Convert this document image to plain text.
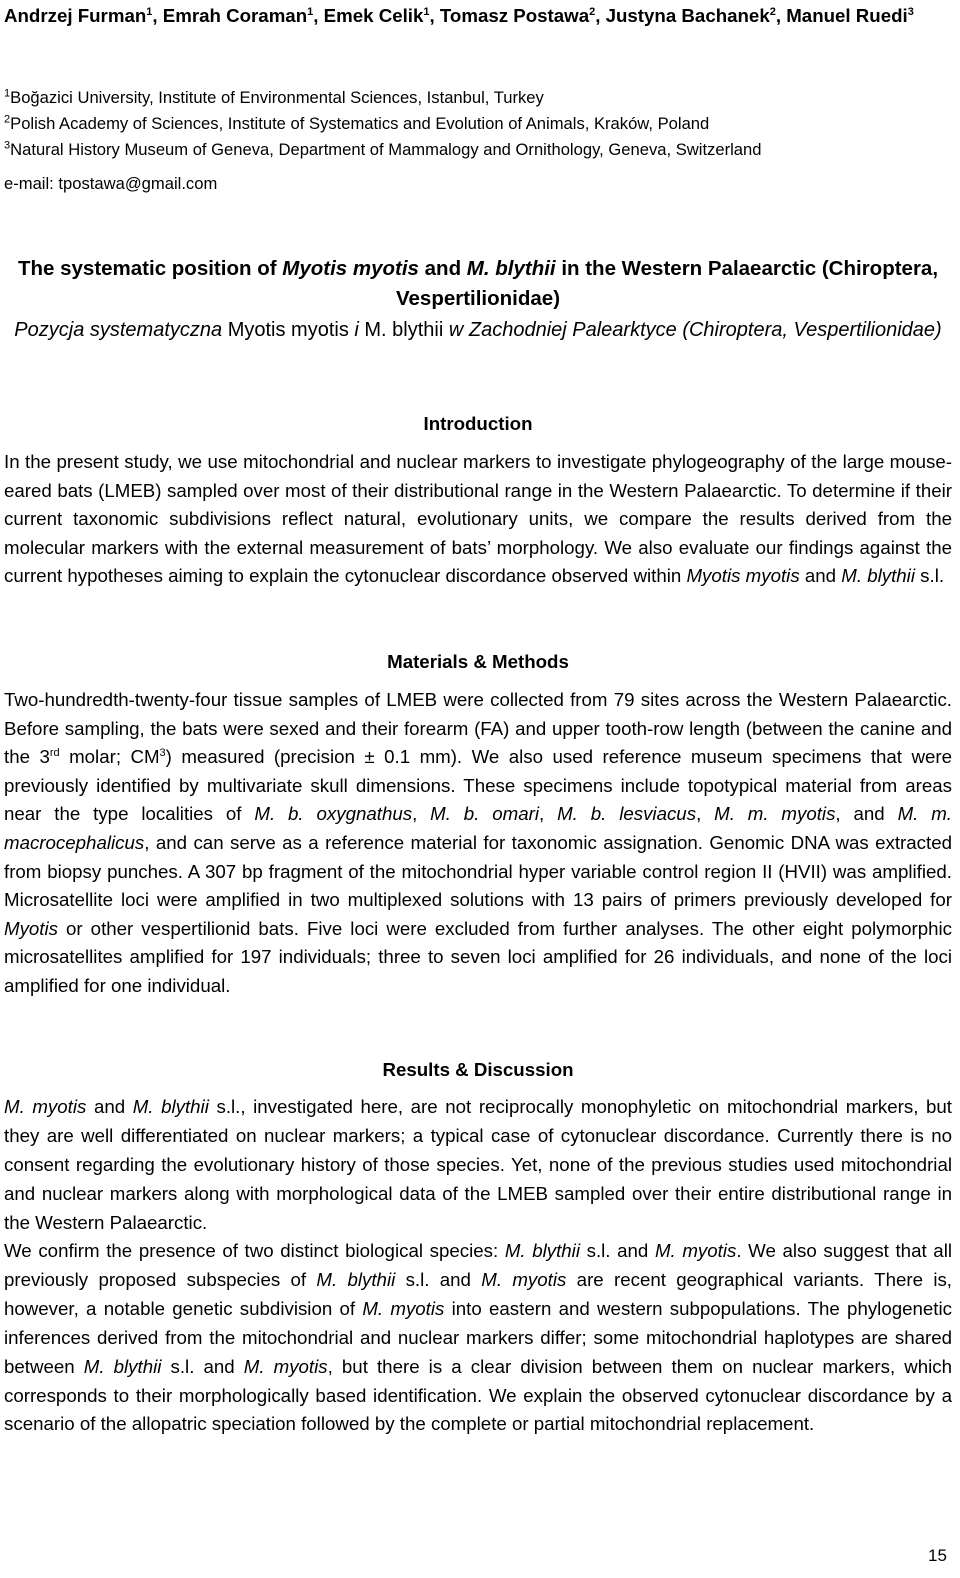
Andrzej Furman$^1$, Emrah Coraman$^1$, Emek Celik$^1$, Tomasz Postawa$^2$, Justyna Bachanek$^2$, Manuel Ruedi$^3$
$^1$Boğazici University, Institute of Environmental Sciences, Istanbul, Turkey
$^2$Polish Academy of Sciences, Institute of Systematics and Evolution of Animals, Kraków, Poland
$^3$Natural History Museum of Geneva, Department of Mammalogy and Ornithology, Geneva, Switzerland
e-mail: tpostawa@gmail.com
The systematic position of Myotis myotis and M. blythii in the Western Palaearctic (Chiroptera, Vespertilionidae)
Pozycja systematyczna Myotis myotis i M. blythii w Zachodniej Palearktyce (Chiroptera, Vespertilionidae)
Introduction

In the present study, we use mitochondrial and nuclear markers to investigate phylogeography of the large mouse-eared bats (LMEB) sampled over most of their distributional range in the Western Palaearctic. To determine if their current taxonomic subdivisions reflect natural, evolutionary units, we compare the results derived from the molecular markers with the external measurement of bats’ morphology. We also evaluate our findings against the current hypotheses aiming to explain the cytonuclear discordance observed within Myotis myotis and M. blythii s.l.

Materials & Methods

Two-hundredth-twenty-four tissue samples of LMEB were collected from 79 sites across the Western Palaearctic. Before sampling, the bats were sexed and their forearm (FA) and upper tooth-row length (between the canine and the 3rd molar; $CM^3$) measured (precision ± 0.1 mm). We also used reference museum specimens that were previously identified by multivariate skull dimensions. These specimens include topotypical material from areas near the type localities of M. b. oxygnathus, M. b. omari, M. b. lesviacus, M. m. myotis, and M. m. macrocephalicus, and can serve as a reference material for taxonomic assignation. Genomic DNA was extracted from biopsy punches. A 307 bp fragment of the mitochondrial hyper variable control region II (HVII) was amplified. Microsatellite loci were amplified in two multiplexed solutions with 13 pairs of primers previously developed for Myotis or other vespertilionid bats. Five loci were excluded from further analyses. The other eight polymorphic microsatellites amplified for 197 individuals; three to seven loci amplified for 26 individuals, and none of the loci amplified for one individual.

Results & Discussion

M. myotis and M. blythii s.l., investigated here, are not reciprocally monophyletic on mitochondrial markers, but they are well differentiated on nuclear markers; a typical case of cytonuclear discordance. Currently there is no consent regarding the evolutionary history of those species. Yet, none of the previous studies used mitochondrial and nuclear markers along with morphological data of the LMEB sampled over their entire distributional range in the Western Palaearctic.

We confirm the presence of two distinct biological species: M. blythii s.l. and M. myotis. We also suggest that all previously proposed subspecies of M. blythii s.l. and M. myotis are recent geographical variants. There is, however, a notable genetic subdivision of M. myotis into eastern and western subpopulations. The phylogenetic inferences derived from the mitochondrial and nuclear markers differ; some mitochondrial haplotypes are shared between M. blythii s.l. and M. myotis, but there is a clear division between them on nuclear markers, which corresponds to their morphologically based identification. We explain the observed cytonuclear discordance by a scenario of the allopatric speciation followed by the complete or partial mitochondrial replacement.

15
